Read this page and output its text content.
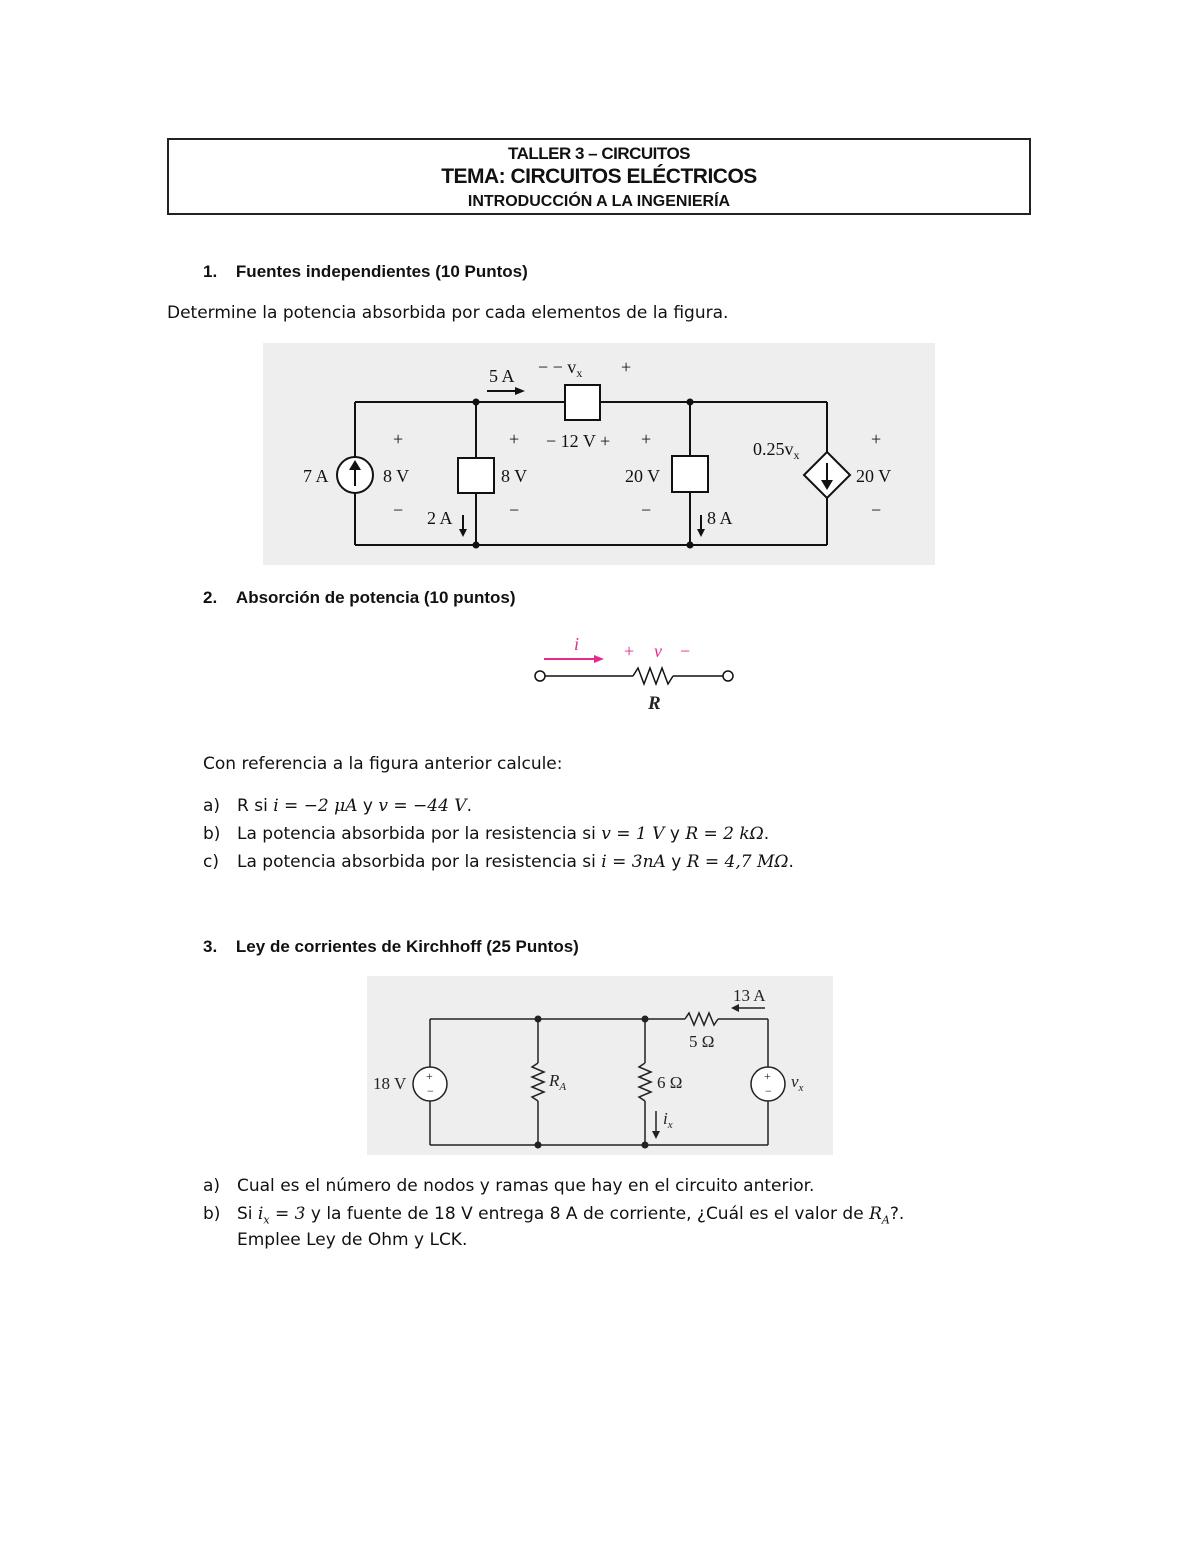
TALLER 3 – CIRCUITOS
TEMA: CIRCUITOS ELÉCTRICOS
INTRODUCCIÓN A LA INGENIERÍA
1. Fuentes independientes (10 Puntos)
Determine la potencia absorbida por cada elementos de la figura.
7 A	8 V
+
− 2 A
8 V
+
−
5 A − − $v_x$ +
− 12 V + +
−
20 V
8 A
$0.25v_x$
20 V
+
−
2. Absorción de potencia (10 puntos)
i + v −
R
Con referencia a la figura anterior calcule:
a) R si i = −2 μA y v = −44 V.
b) La potencia absorbida por la resistencia si v = 1 V y R = 2 kΩ.
c) La potencia absorbida por la resistencia si i = 3nA y R = 4,7 MΩ.
3. Ley de corrientes de Kirchhoff (25 Puntos)
+
−
+
−
18 V	$R_A$	6 Ω
$i_x$
5 Ω
13 A
$v_x$
a) Cual es el número de nodos y ramas que hay en el circuito anterior.
b) Si $i_x = 3$ y la fuente de 18 V entrega 8 A de corriente, ¿Cuál es el valor de $R_A$?.
Emplee Ley de Ohm y LCK.
